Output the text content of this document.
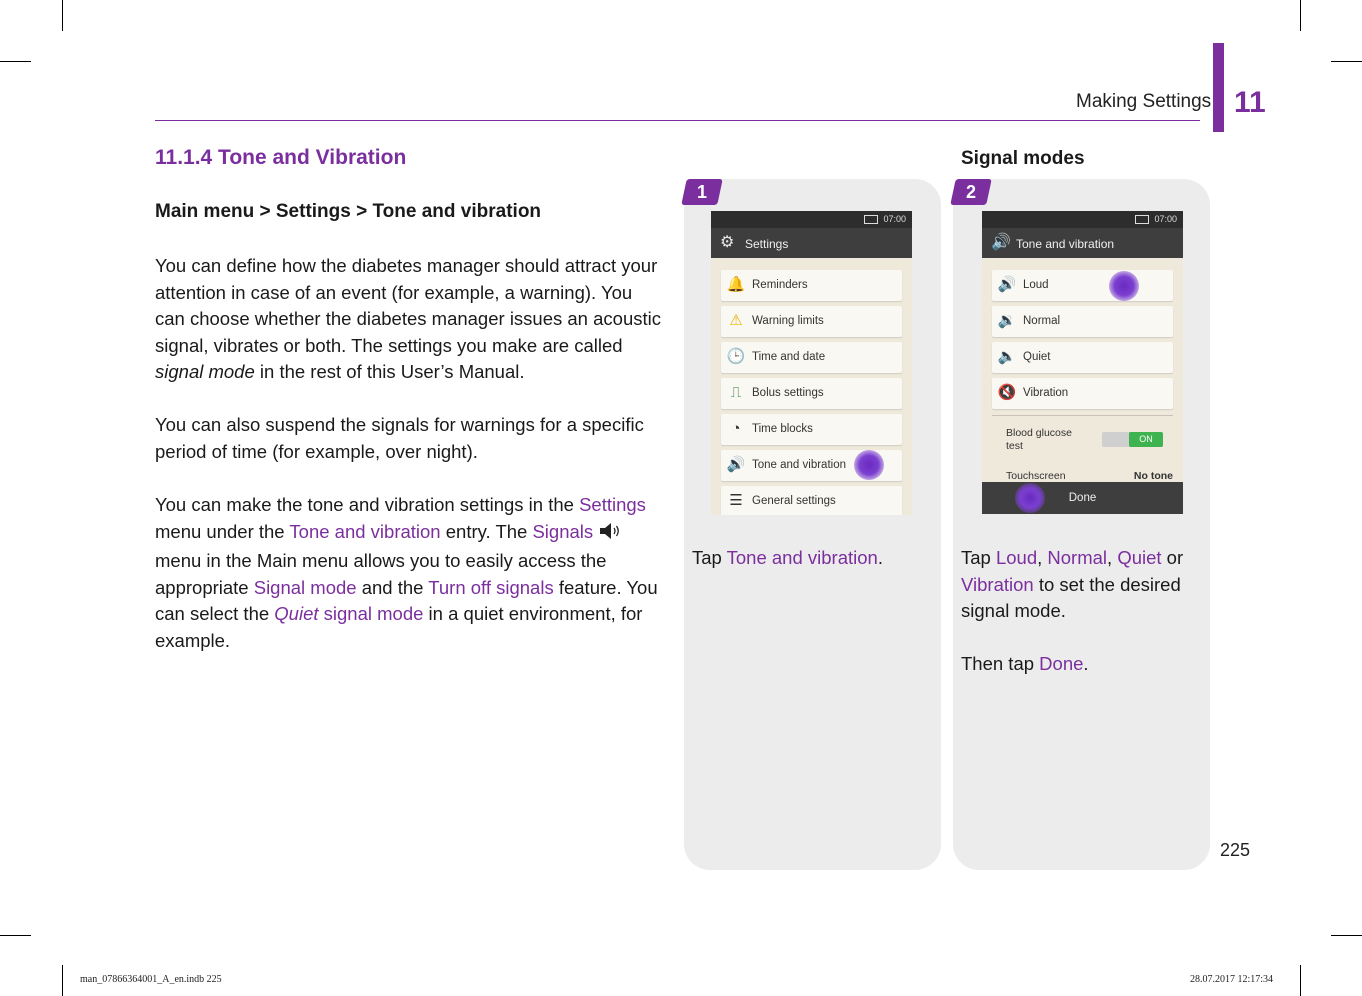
Making Settings 11
11.1.4 Tone and Vibration
Main menu > Settings > Tone and vibration

You can define how the diabetes manager should attract your attention in case of an event (for example, a warning). You can choose whether the diabetes manager issues an acoustic signal, vibrates or both. The settings you make are called signal mode in the rest of this User’s Manual.

You can also suspend the signals for warnings for a specific period of time (for example, over night).

You can make the tone and vibration settings in the Settings menu under the Tone and vibration entry. The Signals  menu in the Main menu allows you to easily access the appropriate Signal mode and the Turn off signals feature. You can select the Quiet signal mode in a quiet environment, for example.

Signal modes
1
07:00
⚙ Settings
🔔 Reminders
⚠ Warning limits
🕒 Time and date
⎍ Bolus settings
◔ Time blocks
🔊 Tone and vibration
☰ General settings

Tap Tone and vibration.

2
07:00
🔊 Tone and vibration
🔊 Loud
🔉 Normal
🔈 Quiet
🔇 Vibration
Blood glucose test
ON
Touchscreen	No tone
Done

Tap Loud, Normal, Quiet or Vibration to set the desired signal mode.

Then tap Done.

225
man_07866364001_A_en.indb 225	28.07.2017 12:17:34
